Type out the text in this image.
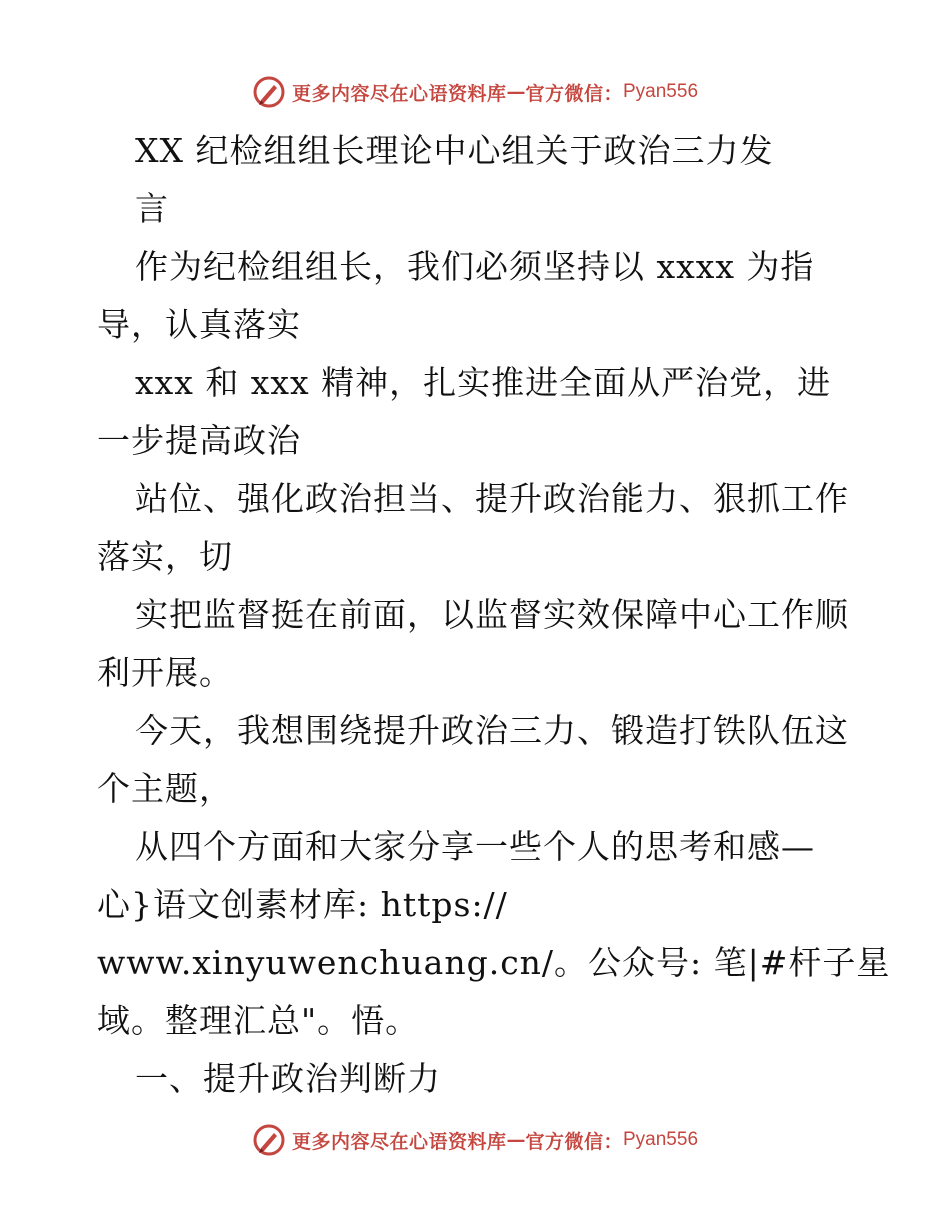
更多内容尽在心语资料库 — 官方微信： Pyan556
XX 纪检组组长理论中心组关于政治三力发
言
作为纪检组组长，我们必须坚持以 xxxx 为指
导，认真落实
xxx 和 xxx 精神，扎实推进全面从严治党，进
一步提高政治
站位、强化政治担当、提升政治能力、狠抓工作
落实，切
实把监督挺在前面，以监督实效保障中心工作顺
利开展。
今天，我想围绕提升政治三力、锻造打铁队伍这
个主题，
从四个方面和大家分享一些个人的思考和感—
心}语文创素材库: https://
www.xinyuwenchuang.cn/。公众号: 笔|#杆子星
域。整理汇总"。悟。
一、提升政治判断力
更多内容尽在心语资料库 — 官方微信： Pyan556
